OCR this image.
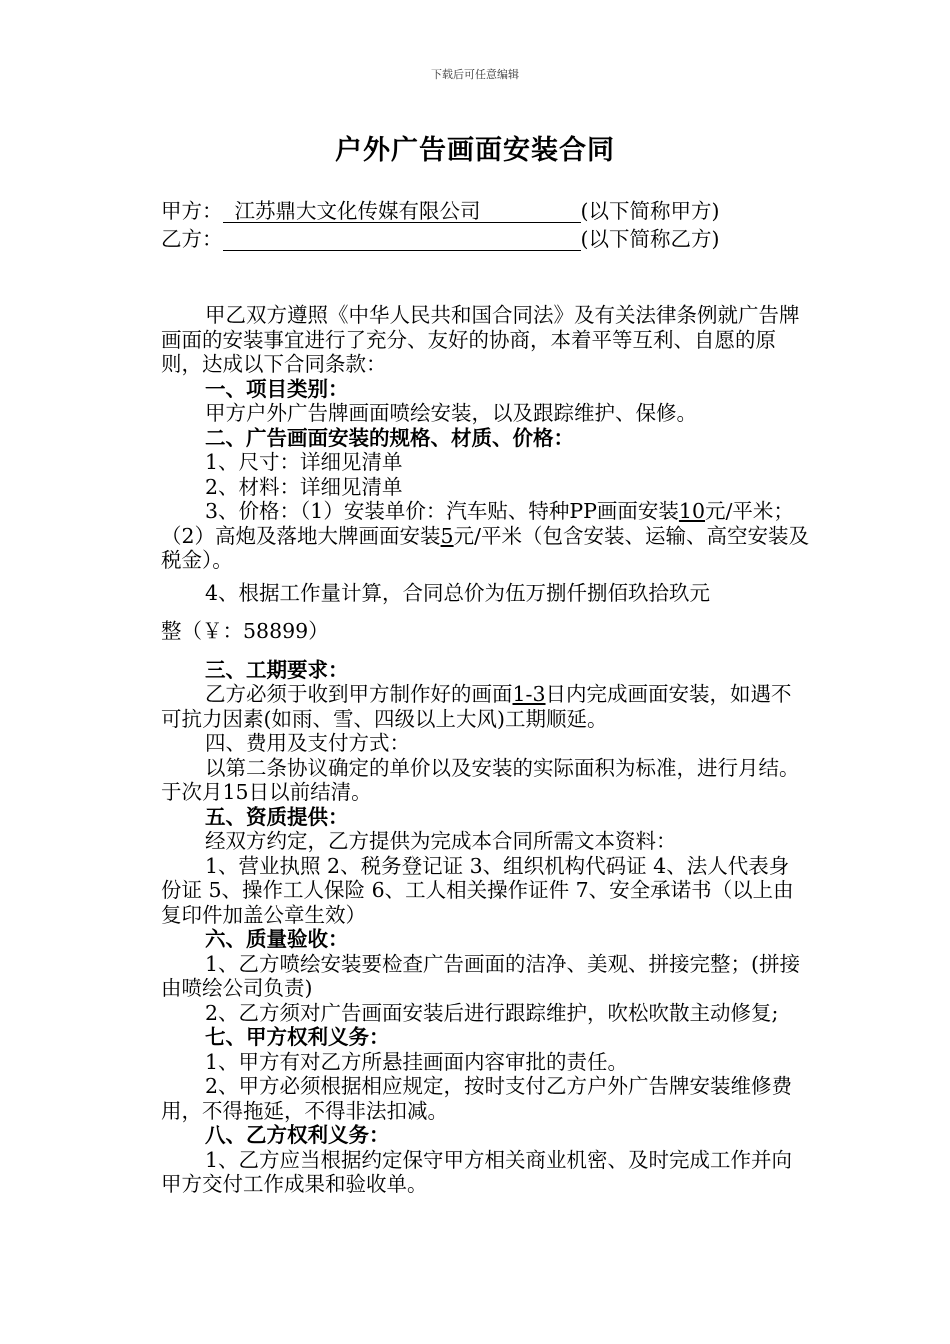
下载后可任意编辑
户外广告画面安装合同
甲方： 江苏鼎大文化传媒有限公司	(以下简称甲方)
乙方：	(以下简称乙方)

甲乙双方遵照《中华人民共和国合同法》及有关法律条例就广告牌画面的安装事宜进行了充分、友好的协商，本着平等互利、自愿的原则，达成以下合同条款：

一、项目类别：

甲方户外广告牌画面喷绘安装，以及跟踪维护、保修。

二、广告画面安装的规格、材质、价格：

1、尺寸：详细见清单

2、材料：详细见清单

3、价格：（1）安装单价：汽车贴、特种PP画面安装10元/平米；（2）高炮及落地大牌画面安装5元/平米（包含安装、运输、高空安装及税金）。

4、根据工作量计算，合同总价为伍万捌仟捌佰玖拾玖元

整（￥：58899）

三、工期要求：

乙方必须于收到甲方制作好的画面1-3日内完成画面安装，如遇不可抗力因素(如雨、雪、四级以上大风)工期顺延。

四、费用及支付方式：

以第二条协议确定的单价以及安装的实际面积为标准，进行月结。于次月15日以前结清。

五、资质提供：

经双方约定，乙方提供为完成本合同所需文本资料：

1、营业执照 2、税务登记证 3、组织机构代码证 4、法人代表身份证 5、操作工人保险 6、工人相关操作证件 7、安全承诺书（以上由复印件加盖公章生效）

六、质量验收：

1、乙方喷绘安装要检查广告画面的洁净、美观、拼接完整；(拼接由喷绘公司负责)

2、乙方须对广告画面安装后进行跟踪维护，吹松吹散主动修复;

七、甲方权利义务：

1、甲方有对乙方所悬挂画面内容审批的责任。

2、甲方必须根据相应规定，按时支付乙方户外广告牌安装维修费用，不得拖延，不得非法扣减。

八、乙方权利义务：

1、乙方应当根据约定保守甲方相关商业机密、及时完成工作并向甲方交付工作成果和验收单。
